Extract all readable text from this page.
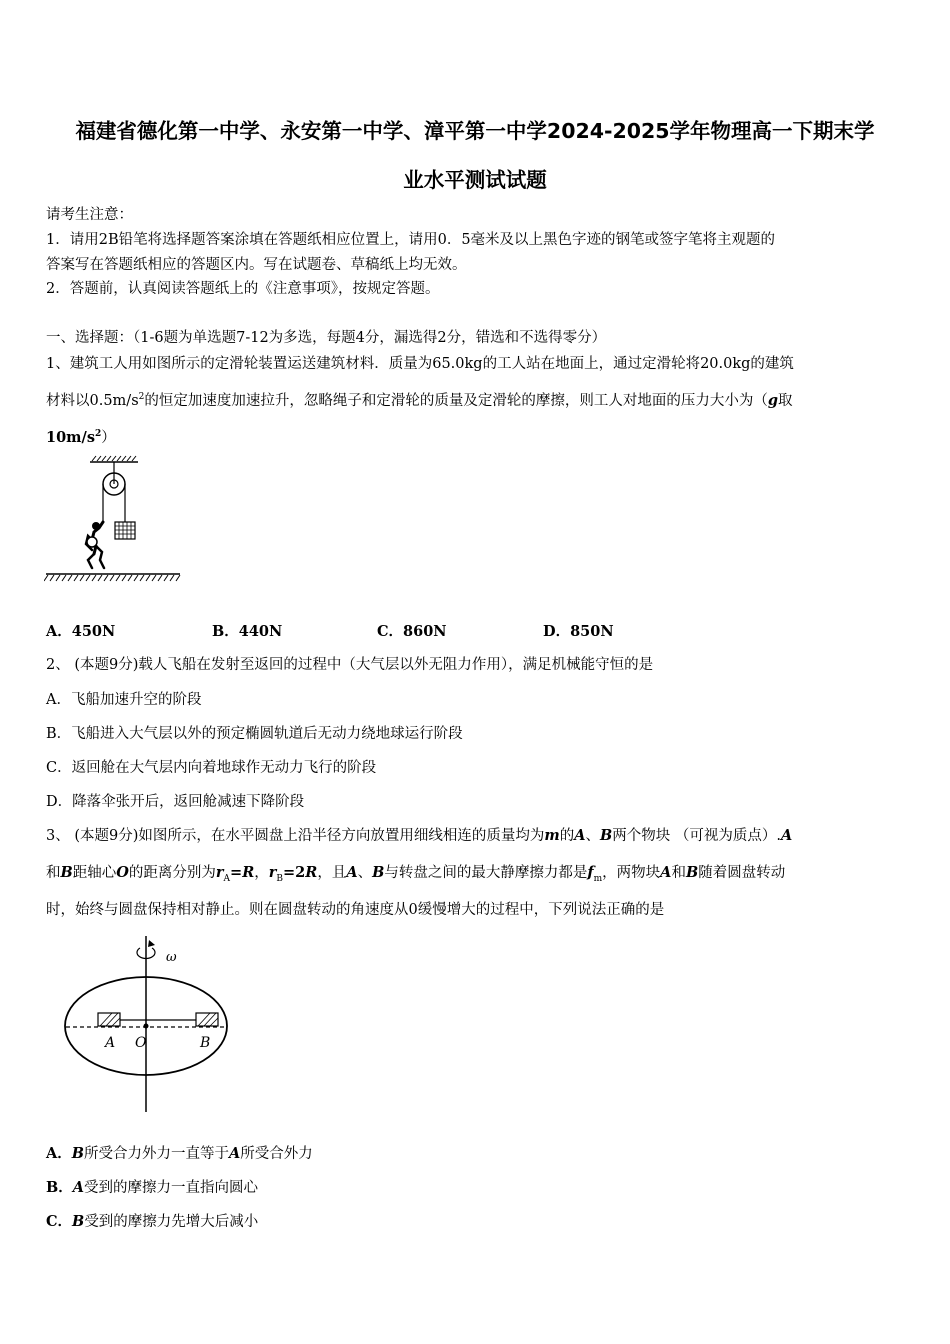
福建省德化第一中学、永安第一中学、漳平第一中学2024-2025学年物理高一下期末学
业水平测试试题
请考生注意：
1．请用2B铅笔将选择题答案涂填在答题纸相应位置上，请用0．5毫米及以上黑色字迹的钢笔或签字笔将主观题的
答案写在答题纸相应的答题区内。写在试题卷、草稿纸上均无效。
2．答题前，认真阅读答题纸上的《注意事项》，按规定答题。
一、选择题：（1-6题为单选题7-12为多选，每题4分，漏选得2分，错选和不选得零分）
1、建筑工人用如图所示的定滑轮装置运送建筑材料．质量为65.0kg的工人站在地面上，通过定滑轮将20.0kg的建筑
材料以$0.5m/s^2$的恒定加速度加速拉升，忽略绳子和定滑轮的质量及定滑轮的摩擦，则工人对地面的压力大小为（g取
$10m/s^2$）
A．450N	B．440N	C．860N	D．850N
2、 (本题9分)载人飞船在发射至返回的过程中（大气层以外无阻力作用），满足机械能守恒的是
A．飞船加速升空的阶段
B．飞船进入大气层以外的预定椭圆轨道后无动力绕地球运行阶段
C．返回舱在大气层内向着地球作无动力飞行的阶段
D．降落伞张开后，返回舱减速下降阶段
3、 (本题9分)如图所示，在水平圆盘上沿半径方向放置用细线相连的质量均为m的A、B两个物块 （可视为质点）.A
和B距轴心O的距离分别为$r_A=R$，$r_B=2R$，且A、B与转盘之间的最大静摩擦力都是$f_m$，两物块A和B随着圆盘转动
时，始终与圆盘保持相对静止。则在圆盘转动的角速度从0缓慢增大的过程中，下列说法正确的是
ω
A O	B
A．B所受合力外力一直等于A所受合外力
B．A受到的摩擦力一直指向圆心
C．B受到的摩擦力先增大后减小
